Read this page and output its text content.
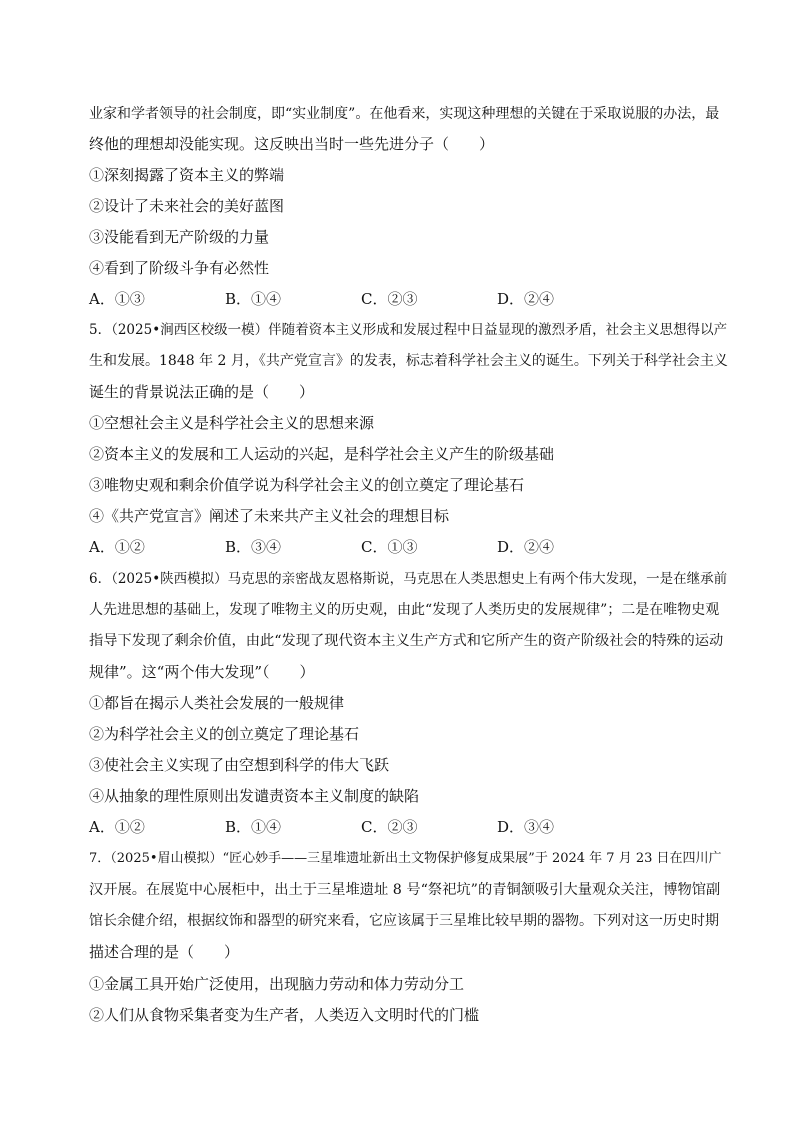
业家和学者领导的社会制度，即“实业制度”。在他看来，实现这种理想的关键在于采取说服的办法，最
终他的理想却没能实现。这反映出当时一些先进分子（　　）
①深刻揭露了资本主义的弊端
②设计了未来社会的美好蓝图
③没能看到无产阶级的力量
④看到了阶级斗争有必然性
A．①③	B．①④	C．②③	D．②④
5．（2025•涧西区校级一模）伴随着资本主义形成和发展过程中日益显现的激烈矛盾，社会主义思想得以产
生和发展。1848 年 2 月，《共产党宣言》的发表，标志着科学社会主义的诞生。下列关于科学社会主义
诞生的背景说法正确的是（　　）
①空想社会主义是科学社会主义的思想来源
②资本主义的发展和工人运动的兴起，是科学社会主义产生的阶级基础
③唯物史观和剩余价值学说为科学社会主义的创立奠定了理论基石
④《共产党宣言》阐述了未来共产主义社会的理想目标
A．①②	B．③④	C．①③	D．②④
6．（2025•陕西模拟）马克思的亲密战友恩格斯说，马克思在人类思想史上有两个伟大发现，一是在继承前
人先进思想的基础上，发现了唯物主义的历史观，由此“发现了人类历史的发展规律”；二是在唯物史观
指导下发现了剩余价值，由此“发现了现代资本主义生产方式和它所产生的资产阶级社会的特殊的运动
规律”。这“两个伟大发现”（　　）
①都旨在揭示人类社会发展的一般规律
②为科学社会主义的创立奠定了理论基石
③使社会主义实现了由空想到科学的伟大飞跃
④从抽象的理性原则出发谴责资本主义制度的缺陷
A．①②	B．①④	C．②③	D．③④
7．（2025•眉山模拟）“匠心妙手——三星堆遗址新出土文物保护修复成果展”于 2024 年 7 月 23 日在四川广
汉开展。在展览中心展柜中，出土于三星堆遗址 8 号“祭祀坑”的青铜颔吸引大量观众关注，博物馆副
馆长余健介绍，根据纹饰和器型的研究来看，它应该属于三星堆比较早期的器物。下列对这一历史时期
描述合理的是（　　）
①金属工具开始广泛使用，出现脑力劳动和体力劳动分工
②人们从食物采集者变为生产者，人类迈入文明时代的门槛
